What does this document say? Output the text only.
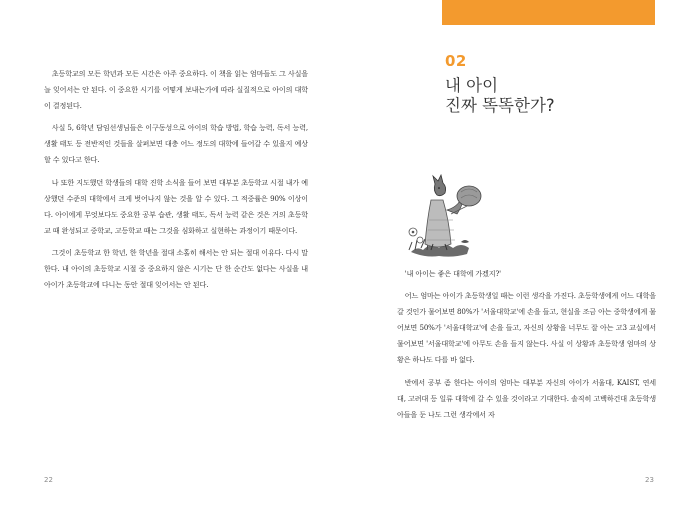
초등학교의 모든 학년과 모든 시간은 아주 중요하다. 이 책을 읽는 엄마들도 그 사실을 늘 잊어서는 안 된다. 이 중요한 시기를 어떻게 보내는가에 따라 실질적으로 아이의 대학이 결정된다.

사실 5, 6학년 담임선생님들은 이구동성으로 아이의 학습 방법, 학습 능력, 독서 능력, 생활 태도 등 전반적인 것들을 살펴보면 대충 어느 정도의 대학에 들어갈 수 있을지 예상할 수 있다고 한다.

나 또한 지도했던 학생들의 대학 진학 소식을 들어 보면 대부분 초등학교 시절 내가 예상했던 수준의 대학에서 크게 벗어나지 않는 것을 알 수 있다. 그 적중률은 90% 이상이다. 아이에게 무엇보다도 중요한 공부 습관, 생활 태도, 독서 능력 같은 것은 거의 초등학교 때 완성되고 중학교, 고등학교 때는 그것을 심화하고 실현하는 과정이기 때문이다.

그것이 초등학교 한 학년, 한 학년을 절대 소홀히 해서는 안 되는 절대 이유다. 다시 말한다. 내 아이의 초등학교 시절 중 중요하지 않은 시기는 단 한 순간도 없다는 사실을 내 아이가 초등학교에 다니는 동안 절대 잊어서는 안 된다.

22
02
내 아이
진짜 똑똑한가?

'내 아이는 좋은 대학에 가겠지?'

어느 엄마는 아이가 초등학생일 때는 이런 생각을 가진다. 초등학생에게 어느 대학을 갈 것인가 물어보면 80%가 '서울대학교'에 손을 들고, 현실을 조금 아는 중학생에게 물어보면 50%가 '서울대학교'에 손을 들고, 자신의 상황을 너무도 잘 아는 고3 교실에서 물어보면 '서울대학교'에 아무도 손을 들지 않는다. 사실 이 상황과 초등학생 엄마의 상황은 하나도 다를 바 없다.

반에서 공부 좀 한다는 아이의 엄마는 대부분 자신의 아이가 서울대, KAIST, 연세대, 고려대 등 일류 대학에 갈 수 있을 것이라고 기대한다. 솔직히 고백하건대 초등학생 아들을 둔 나도 그런 생각에서 자

23
